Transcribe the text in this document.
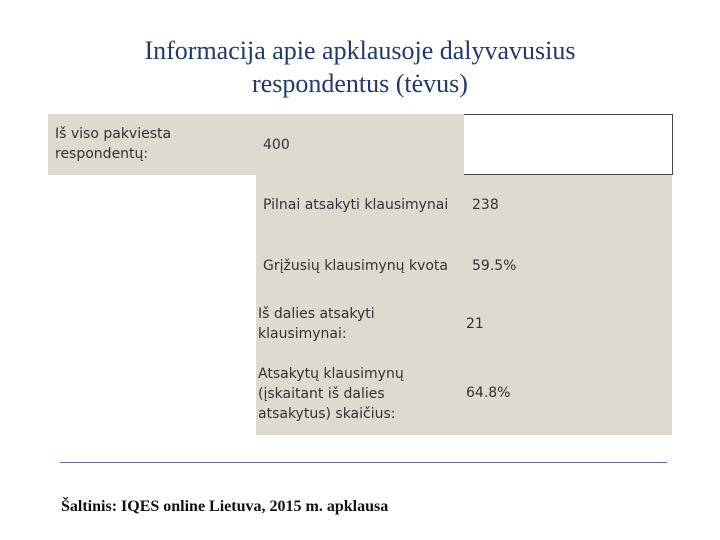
Informacija apie apklausoje dalyvavusius
respondentus (tėvus)
Iš viso pakviesta respondentų:
400
Pilnai atsakyti klausimynai 238
Grįžusių klausimynų kvota 59.5%
Iš dalies atsakyti klausimynai:
21
Atsakytų klausimynų (įskaitant iš dalies atsakytus) skaičius:
64.8%
Šaltinis: IQES online Lietuva, 2015 m. apklausa
